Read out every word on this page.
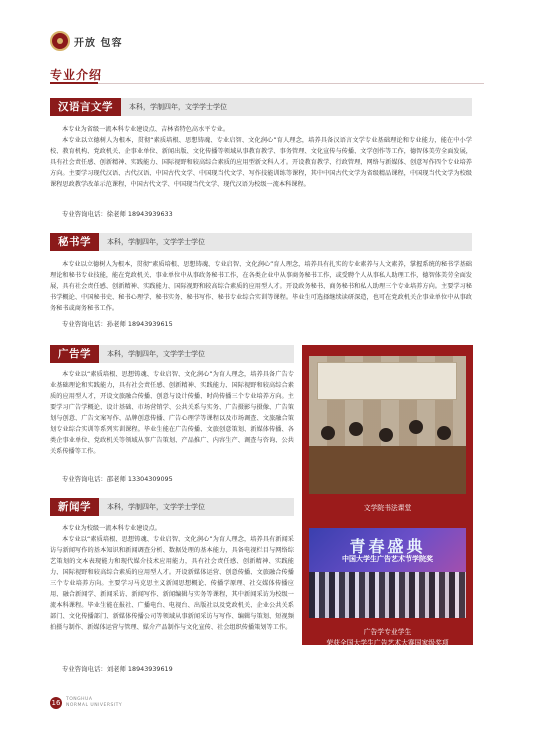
开放 包容
专业介绍
汉语言文学	本科，学制四年，文学学士学位
本专业为省级一流本科专业建设点、吉林省特色高水平专业。
本专业以立德树人为根本，贯彻“素质培根、思想铸魂、专业启智、文化润心”育人理念，培养具备汉语言文学专业基础理论和专业能力，能在中小学校、教育机构、党政机关、企事业单位、新闻出版、文化传播等领域从事教育教学、事务管理、文化宣传与传播、文学创作等工作，德智体美劳全面发展，具有社会责任感、创新精神、实践能力、国际视野和较高综合素质的应用型新文科人才。开设教育教学、行政管理、网络与新媒体、创意写作四个专业培养方向。主要学习现代汉语、古代汉语、中国古代文学、中国现当代文学、写作技能训练等课程，其中中国古代文学为省级精品课程，中国现当代文学为校级课程思政教学改革示范课程，中国古代文学、中国现当代文学、现代汉语为校级一流本科课程。
专业咨询电话：徐老师 18943939633
秘书学	本科，学制四年，文学学士学位
本专业以立德树人为根本，贯彻“素质培根、思想铸魂、专业启智、文化润心”育人理念，培养具有扎实的专业素养与人文素养，掌握系统的秘书学基础理论和秘书专业技能，能在党政机关、事业单位中从事政务秘书工作，在各类企业中从事商务秘书工作，或受聘个人从事私人助理工作，德智体美劳全面发展，具有社会责任感、创新精神、实践能力、国际视野和较高综合素质的应用型人才。开设政务秘书、商务秘书和私人助理三个专业培养方向。主要学习秘书学概论、中国秘书史、秘书心理学、秘书实务、秘书写作、秘书专业综合实训等课程。毕业生可选择继续读研深造，也可在党政机关企事业单位中从事政务秘书或商务秘书工作。
专业咨询电话：孙老师 18943939615
广告学	本科，学制四年，文学学士学位
本专业以“素质培根、思想铸魂、专业启智、文化润心”为育人理念，培养具备广告专业基础理论和实践能力，具有社会责任感、创新精神、实践能力、国际视野和较高综合素质的应用型人才，开设文旅融合传播、创意与设计传播、时尚传播三个专业培养方向。主要学习广告学概论、设计基础、市场营销学、公共关系与实务、广告摄影与摄像、广告策划与创意、广告文案写作、品牌创意传播、广告心理学等课程以及市场调查、文旅融合策划专业综合实训等系列实训课程。毕业生能在广告传播、文旅创意策划、新媒体传播、各类企事业单位、党政机关等领域从事广告策划、产品推广、内容生产、调查与咨询、公共关系传播等工作。
专业咨询电话：邵老师 13304309095
新闻学	本科，学制四年，文学学士学位
本专业为校级一流本科专业建设点。
本专业以“素质培根、思想铸魂、专业启智、文化润心”为育人理念，培养具有新闻采访与新闻写作的基本知识和新闻调查分析、数据处理的基本能力，具备电视栏目与网络综艺策划的文本表现能力和现代媒介技术应用能力，具有社会责任感、创新精神、实践能力、国际视野和较高综合素质的应用型人才。开设新媒体运营、创意传播、文旅融合传播三个专业培养方向。主要学习马克思主义新闻思想概论、传播学原理、社交媒体传播应用、融合新闻学、新闻采访、新闻写作、新闻编辑与实务等课程，其中新闻采访为校级一流本科课程。毕业生能在报社、广播电台、电视台、出版社以及党政机关、企业公共关系部门、文化传播部门、新媒体传播公司等领域从事新闻采访与写作、编辑与策划、短视频拍摄与制作、新媒体运营与管理、媒介产品制作与文化宣传、社会组织传播策划等工作。
专业咨询电话：刘老师 18943939619
文学院书法课堂
青春盛典
中国大学生广告艺术节学院奖
广告学专业学生
荣获全国大学生广告艺术大赛国家级奖项
16	TONGHUA
NORMAL UNIVERSITY
